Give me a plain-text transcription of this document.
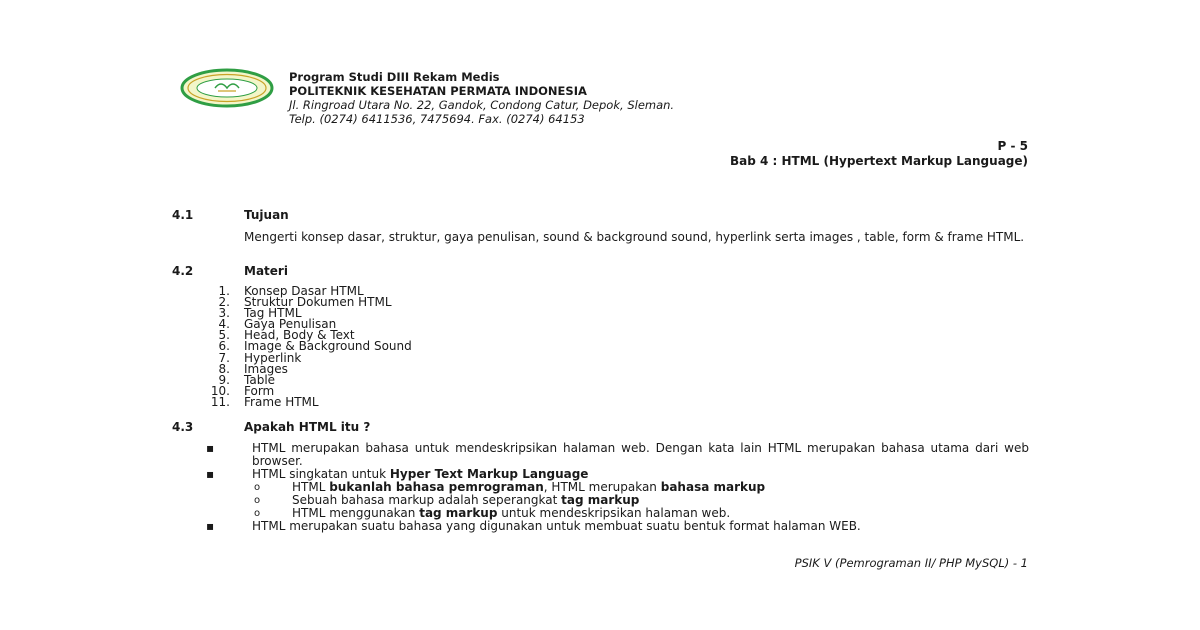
Program Studi DIII Rekam Medis
POLITEKNIK KESEHATAN PERMATA INDONESIA
Jl. Ringroad Utara No. 22, Gandok, Condong Catur, Depok, Sleman.
Telp. (0274) 6411536, 7475694. Fax. (0274) 64153
P - 5
Bab 4 : HTML (Hypertext Markup Language)
4.1	Tujuan
Mengerti konsep dasar, struktur, gaya penulisan, sound & background sound, hyperlink serta images , table, form & frame HTML.
4.2	Materi
1. Konsep Dasar HTML
2. Struktur Dokumen HTML
3. Tag HTML
4. Gaya Penulisan
5. Head, Body & Text
6. Image & Background Sound
7. Hyperlink
8. Images
9. Table
10. Form
11. Frame HTML
4.3	Apakah HTML itu ?
▪	HTML merupakan bahasa untuk mendeskripsikan halaman web. Dengan kata lain HTML merupakan bahasa utama dari web browser.
▪	HTML singkatan untuk Hyper Text Markup Language
o	HTML bukanlah bahasa pemrograman, HTML merupakan bahasa markup
o	Sebuah bahasa markup adalah seperangkat tag markup
o	HTML menggunakan tag markup untuk mendeskripsikan halaman web.
▪	HTML merupakan suatu bahasa yang digunakan untuk membuat suatu bentuk format halaman WEB.
PSIK V (Pemrograman II/ PHP MySQL) - 1
